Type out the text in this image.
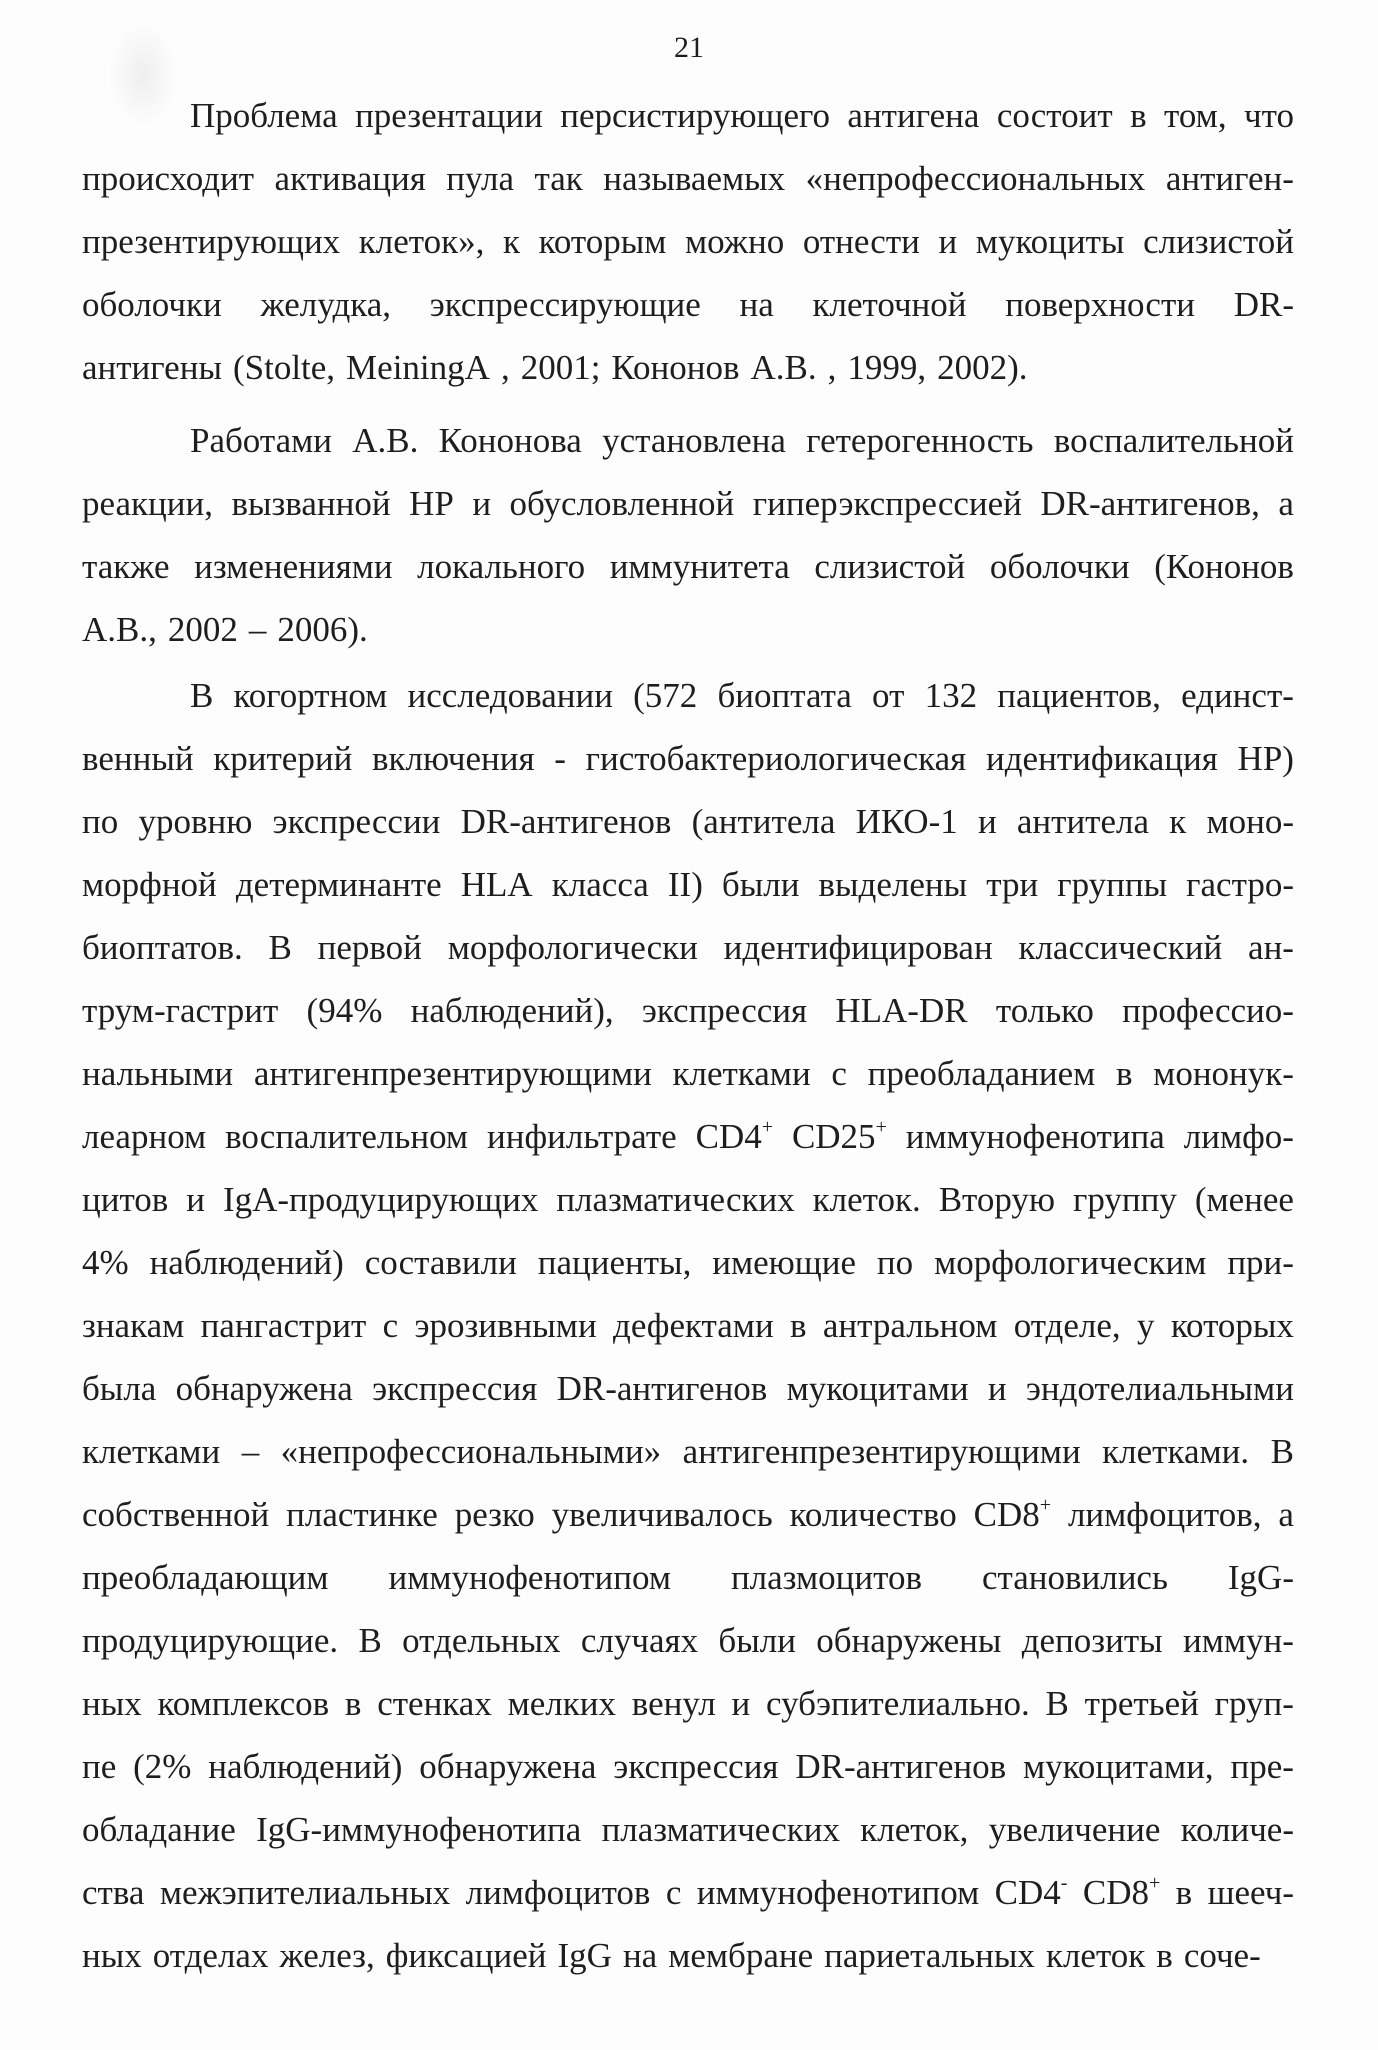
21
Проблема презентации персистирующего антигена состоит в том, что
происходит активация пула так называемых «непрофессиональных антиген-
презентирующих клеток», к которым можно отнести и мукоциты слизистой
оболочки желудка, экспрессирующие на клеточной поверхности DR-
антигены (Stolte, MeiningA , 2001; Кононов А.В. , 1999, 2002).
Работами А.В. Кононова установлена гетерогенность воспалительной
реакции, вызванной HP и обусловленной гиперэкспрессией DR-антигенов, а
также изменениями локального иммунитета слизистой оболочки (Кононов
А.В., 2002 – 2006).
В когортном исследовании (572 биоптата от 132 пациентов, единст-
венный критерий включения - гистобактериологическая идентификация HP)
по уровню экспрессии DR-антигенов (антитела ИКО-1 и антитела к моно-
морфной детерминанте HLA класса II) были выделены три группы гастро-
биоптатов. В первой морфологически идентифицирован классический ан-
трум-гастрит (94% наблюдений), экспрессия HLA-DR только профессио-
нальными антигенпрезентирующими клетками с преобладанием в мононук-
леарном воспалительном инфильтрате CD4+ CD25+ иммунофенотипа лимфо-
цитов и IgA-продуцирующих плазматических клеток. Вторую группу (менее
4% наблюдений) составили пациенты, имеющие по морфологическим при-
знакам пангастрит с эрозивными дефектами в антральном отделе, у которых
была обнаружена экспрессия DR-антигенов мукоцитами и эндотелиальными
клетками – «непрофессиональными» антигенпрезентирующими клетками. В
собственной пластинке резко увеличивалось количество CD8+ лимфоцитов, а
преобладающим иммунофенотипом плазмоцитов становились IgG-
продуцирующие. В отдельных случаях были обнаружены депозиты иммун-
ных комплексов в стенках мелких венул и субэпителиально. В третьей груп-
пе (2% наблюдений) обнаружена экспрессия DR-антигенов мукоцитами, пре-
обладание IgG-иммунофенотипа плазматических клеток, увеличение количе-
ства межэпителиальных лимфоцитов с иммунофенотипом CD4- CD8+ в шееч-
ных отделах желез, фиксацией IgG на мембране париетальных клеток в соче-
